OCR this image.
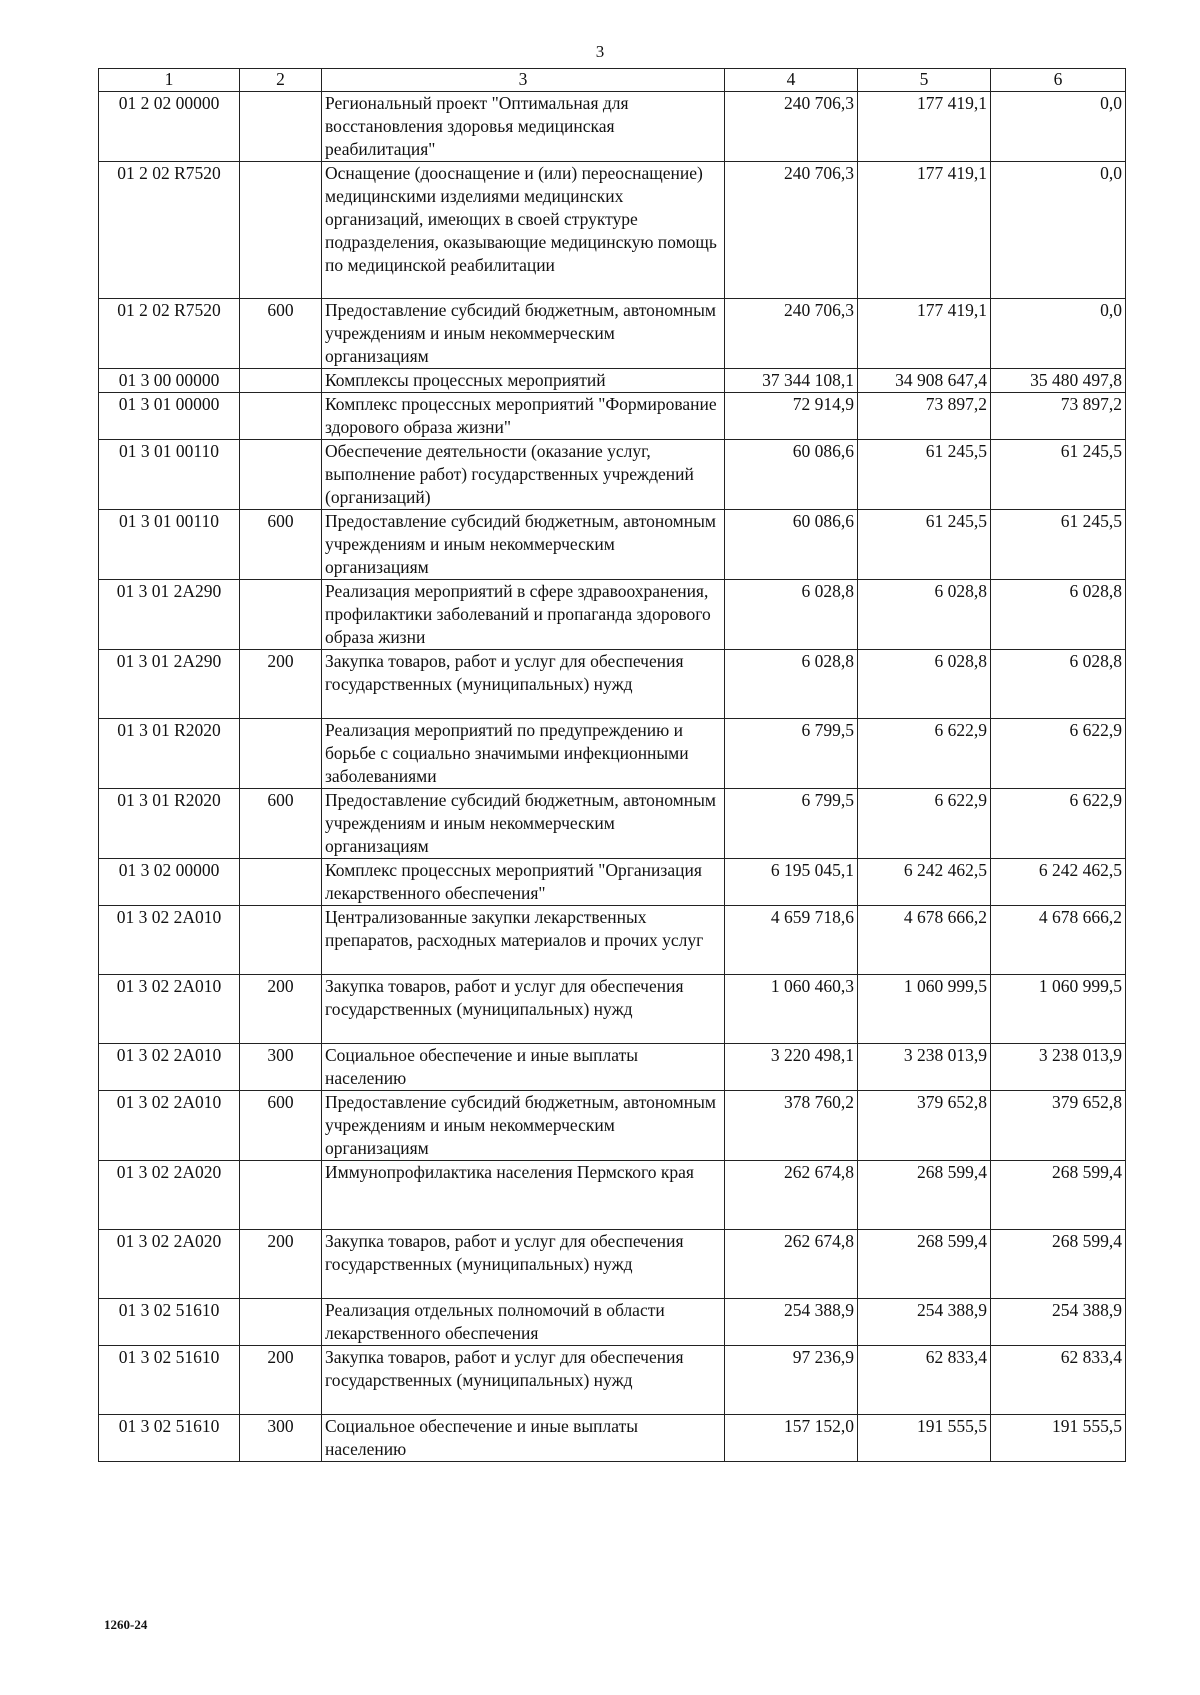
3
1	2	3	4	5	6
01 2 02 00000		Региональный проект "Оптимальная для восстановления здоровья медицинская реабилитация"	240 706,3	177 419,1	0,0
01 2 02 R7520		Оснащение (дооснащение и (или) переоснащение) медицинскими изделиями медицинских организаций, имеющих в своей структуре подразделения, оказывающие медицинскую помощь по медицинской реабилитации	240 706,3	177 419,1	0,0
01 2 02 R7520	600	Предоставление субсидий бюджетным, автономным учреждениям и иным некоммерческим организациям	240 706,3	177 419,1	0,0
01 3 00 00000		Комплексы процессных мероприятий	37 344 108,1	34 908 647,4	35 480 497,8
01 3 01 00000		Комплекс процессных мероприятий "Формирование здорового образа жизни"	72 914,9	73 897,2	73 897,2
01 3 01 00110		Обеспечение деятельности (оказание услуг, выполнение работ) государственных учреждений (организаций)	60 086,6	61 245,5	61 245,5
01 3 01 00110	600	Предоставление субсидий бюджетным, автономным учреждениям и иным некоммерческим организациям	60 086,6	61 245,5	61 245,5
01 3 01 2А290		Реализация мероприятий в сфере здравоохранения, профилактики заболеваний и пропаганда здорового образа жизни	6 028,8	6 028,8	6 028,8
01 3 01 2А290	200	Закупка товаров, работ и услуг для обеспечения государственных (муниципальных) нужд	6 028,8	6 028,8	6 028,8
01 3 01 R2020		Реализация мероприятий по предупреждению и борьбе с социально значимыми инфекционными заболеваниями	6 799,5	6 622,9	6 622,9
01 3 01 R2020	600	Предоставление субсидий бюджетным, автономным учреждениям и иным некоммерческим организациям	6 799,5	6 622,9	6 622,9
01 3 02 00000		Комплекс процессных мероприятий "Организация лекарственного обеспечения"	6 195 045,1	6 242 462,5	6 242 462,5
01 3 02 2А010		Централизованные закупки лекарственных препаратов, расходных материалов и прочих услуг	4 659 718,6	4 678 666,2	4 678 666,2
01 3 02 2А010	200	Закупка товаров, работ и услуг для обеспечения государственных (муниципальных) нужд	1 060 460,3	1 060 999,5	1 060 999,5
01 3 02 2А010	300	Социальное обеспечение и иные выплаты населению	3 220 498,1	3 238 013,9	3 238 013,9
01 3 02 2А010	600	Предоставление субсидий бюджетным, автономным учреждениям и иным некоммерческим организациям	378 760,2	379 652,8	379 652,8
01 3 02 2А020		Иммунопрофилактика населения Пермского края	262 674,8	268 599,4	268 599,4
01 3 02 2А020	200	Закупка товаров, работ и услуг для обеспечения государственных (муниципальных) нужд	262 674,8	268 599,4	268 599,4
01 3 02 51610		Реализация отдельных полномочий в области лекарственного обеспечения	254 388,9	254 388,9	254 388,9
01 3 02 51610	200	Закупка товаров, работ и услуг для обеспечения государственных (муниципальных) нужд	97 236,9	62 833,4	62 833,4
01 3 02 51610	300	Социальное обеспечение и иные выплаты населению	157 152,0	191 555,5	191 555,5
1260-24
